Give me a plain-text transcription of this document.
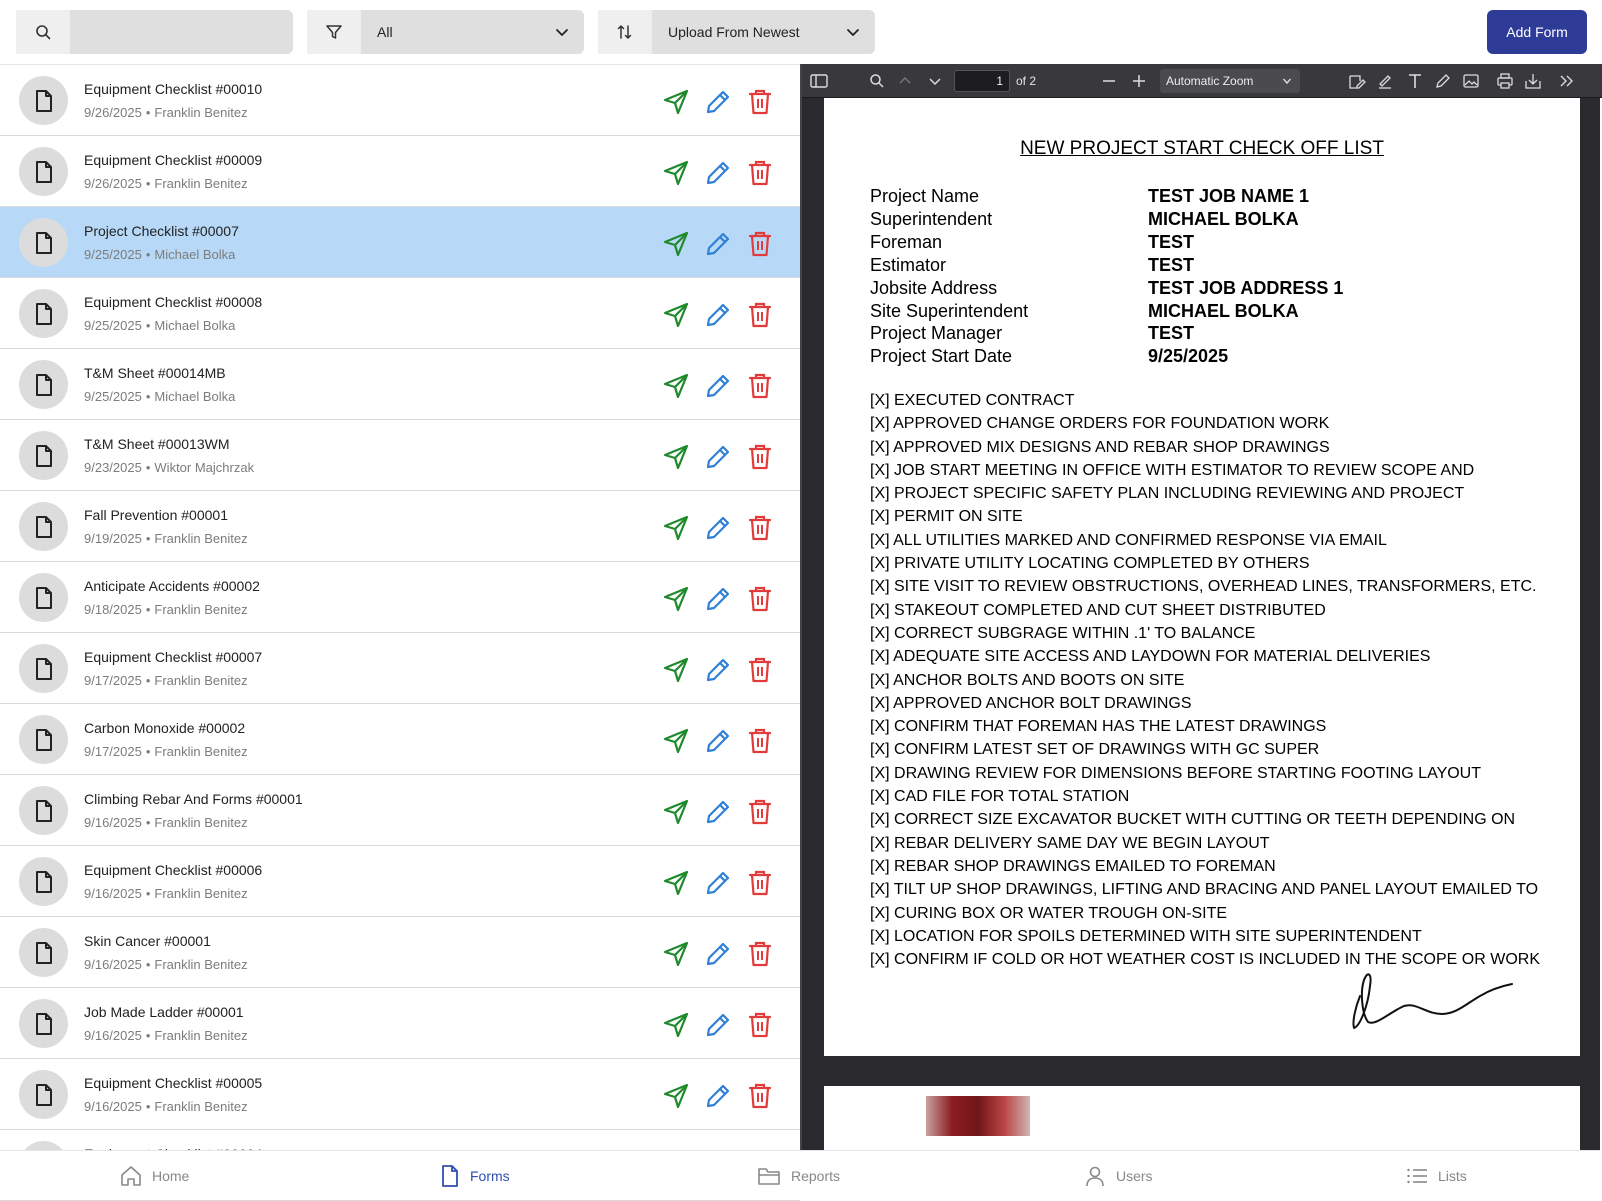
All	Upload From Newest	Add Form
Equipment Checklist #00010
9/26/2025 • Franklin Benitez
Equipment Checklist #00009
9/26/2025 • Franklin Benitez
Project Checklist #00007
9/25/2025 • Michael Bolka
Equipment Checklist #00008
9/25/2025 • Michael Bolka
T&M Sheet #00014MB
9/25/2025 • Michael Bolka
T&M Sheet #00013WM
9/23/2025 • Wiktor Majchrzak
Fall Prevention #00001
9/19/2025 • Franklin Benitez
Anticipate Accidents #00002
9/18/2025 • Franklin Benitez
Equipment Checklist #00007
9/17/2025 • Franklin Benitez
Carbon Monoxide #00002
9/17/2025 • Franklin Benitez
Climbing Rebar And Forms #00001
9/16/2025 • Franklin Benitez
Equipment Checklist #00006
9/16/2025 • Franklin Benitez
Skin Cancer #00001
9/16/2025 • Franklin Benitez
Job Made Ladder #00001
9/16/2025 • Franklin Benitez
Equipment Checklist #00005
9/16/2025 • Franklin Benitez
1
of 2	Automatic Zoom
NEW PROJECT START CHECK OFF LIST
Project Name	TEST JOB NAME 1
Superintendent	MICHAEL BOLKA
Foreman	TEST
Estimator	TEST
Jobsite Address	TEST JOB ADDRESS 1
Site Superintendent	MICHAEL BOLKA
Project Manager	TEST
Project Start Date	9/25/2025
[X] EXECUTED CONTRACT
[X] APPROVED CHANGE ORDERS FOR FOUNDATION WORK
[X] APPROVED MIX DESIGNS AND REBAR SHOP DRAWINGS
[X] JOB START MEETING IN OFFICE WITH ESTIMATOR TO REVIEW SCOPE AND
[X] PROJECT SPECIFIC SAFETY PLAN INCLUDING REVIEWING AND PROJECT
[X] PERMIT ON SITE
[X] ALL UTILITIES MARKED AND CONFIRMED RESPONSE VIA EMAIL
[X] PRIVATE UTILITY LOCATING COMPLETED BY OTHERS
[X] SITE VISIT TO REVIEW OBSTRUCTIONS, OVERHEAD LINES, TRANSFORMERS, ETC.
[X] STAKEOUT COMPLETED AND CUT SHEET DISTRIBUTED
[X] CORRECT SUBGRAGE WITHIN .1' TO BALANCE
[X] ADEQUATE SITE ACCESS AND LAYDOWN FOR MATERIAL DELIVERIES
[X] ANCHOR BOLTS AND BOOTS ON SITE
[X] APPROVED ANCHOR BOLT DRAWINGS
[X] CONFIRM THAT FOREMAN HAS THE LATEST DRAWINGS
[X] CONFIRM LATEST SET OF DRAWINGS WITH GC SUPER
[X] DRAWING REVIEW FOR DIMENSIONS BEFORE STARTING FOOTING LAYOUT
[X] CAD FILE FOR TOTAL STATION
[X] CORRECT SIZE EXCAVATOR BUCKET WITH CUTTING OR TEETH DEPENDING ON
[X] REBAR DELIVERY SAME DAY WE BEGIN LAYOUT
[X] REBAR SHOP DRAWINGS EMAILED TO FOREMAN
[X] TILT UP SHOP DRAWINGS, LIFTING AND BRACING AND PANEL LAYOUT EMAILED TO
[X] CURING BOX OR WATER TROUGH ON-SITE
[X] LOCATION FOR SPOILS DETERMINED WITH SITE SUPERINTENDENT
[X] CONFIRM IF COLD OR HOT WEATHER COST IS INCLUDED IN THE SCOPE OR WORK
Home	Forms	Reports	Users	Lists
